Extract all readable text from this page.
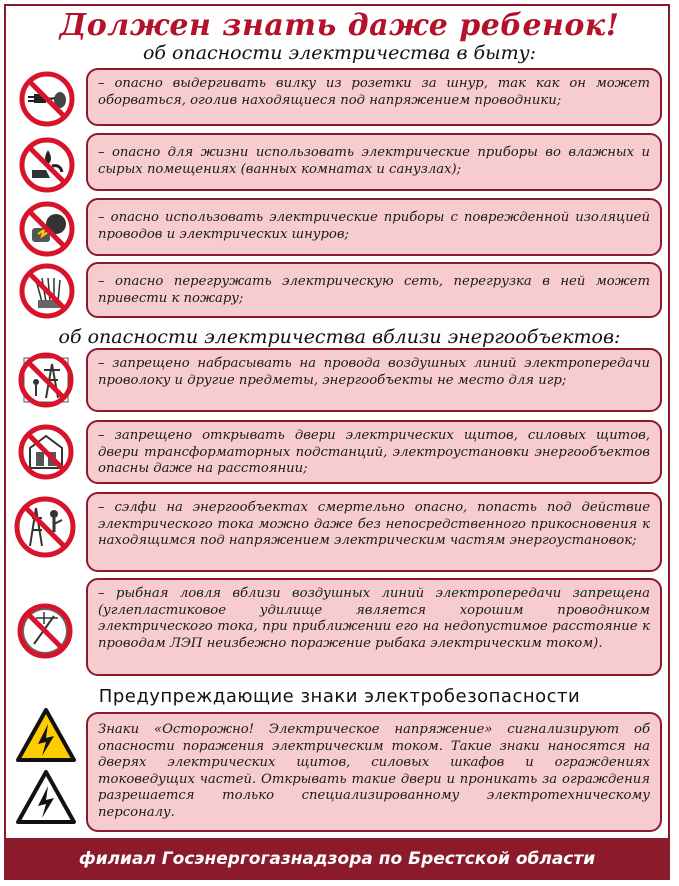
Должен знать даже ребенок!
об опасности электричества в быту:
– опасно выдергивать вилку из розетки за шнур, так как он может оборваться, оголив находящиеся под напряжением проводники;
– опасно для жизни использовать электрические приборы во влажных и сырых помещениях (ванных комнатах и санузлах);
– опасно использовать электрические приборы с поврежденной изоляцией проводов и электрических шнуров;
– опасно перегружать электрическую сеть, перегрузка в ней может привести к пожару;
об опасности электричества вблизи энергообъектов:
– запрещено набрасывать на провода воздушных линий электропередачи проволоку и другие предметы, энергообъекты не место для игр;
– запрещено открывать двери электрических щитов, силовых щитов, двери трансформаторных подстанций, электроустановки энергообъектов опасны даже на расстоянии;
– сэлфи на энергообъектах смертельно опасно, попасть под действие электрического тока можно даже без непосредственного прикосновения к находящимся под напряжением электрическим частям энергоустановок;
– рыбная ловля вблизи воздушных линий электропередачи запрещена (углепластиковое удилище является хорошим проводником электрического тока, при приближении его на недопустимое расстояние к проводам ЛЭП неизбежно поражение рыбака электрическим током).
Предупреждающие знаки электробезопасности
Знаки «Осторожно! Электрическое напряжение» сигнализируют об опасности поражения электрическим током. Такие знаки наносятся на дверях электрических щитов, силовых шкафов и ограждениях токоведущих частей. Открывать такие двери и проникать за ограждения разрешается только специализированному электротехническому персоналу.
филиал Госэнергогазнадзора по Брестской области
